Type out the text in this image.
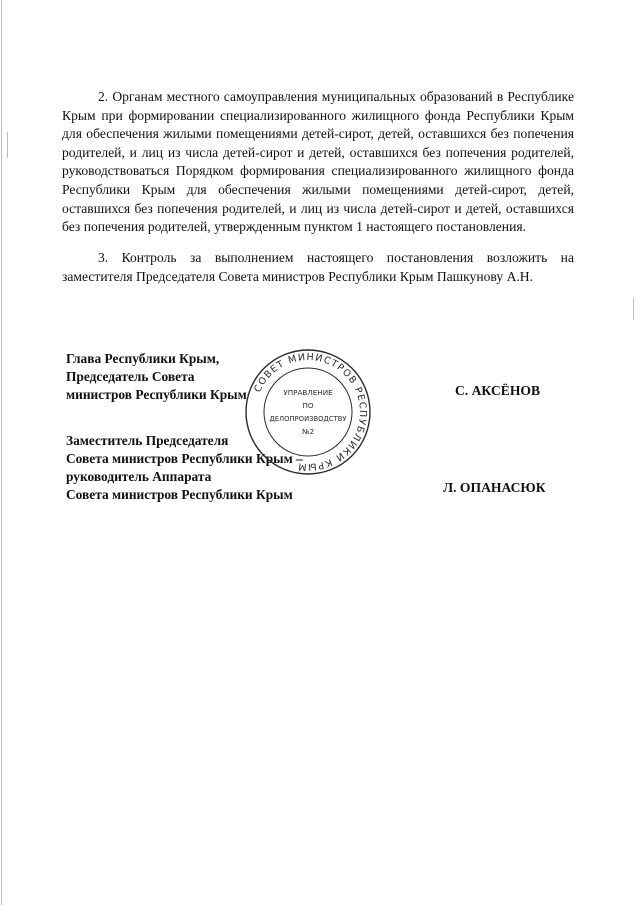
2. Органам местного самоуправления муниципальных образований в Республике Крым при формировании специализированного жилищного фонда Республики Крым для обеспечения жилыми помещениями детей-сирот, детей, оставшихся без попечения родителей, и лиц из числа детей-сирот и детей, оставшихся без попечения родителей, руководствоваться Порядком формирования специализированного жилищного фонда Республики Крым для обеспечения жилыми помещениями детей-сирот, детей, оставшихся без попечения родителей, и лиц из числа детей-сирот и детей, оставшихся без попечения родителей, утвержденным пунктом 1 настоящего постановления.

3. Контроль за выполнением настоящего постановления возложить на заместителя Председателя Совета министров Республики Крым Пашкунову А.Н.

Глава Республики Крым,
Председатель Совета
министров Республики Крым	С. АКСЁНОВ
Заместитель Председателя
Совета министров Республики Крым –
руководитель Аппарата
Совета министров Республики Крым	Л. ОПАНАСЮК
СОВЕТ МИНИСТРОВ РЕСПУБЛИКИ КРЫМ
УПРАВЛЕНИЕ
ПО
ДЕЛОПРОИЗВОДСТВУ
№2
